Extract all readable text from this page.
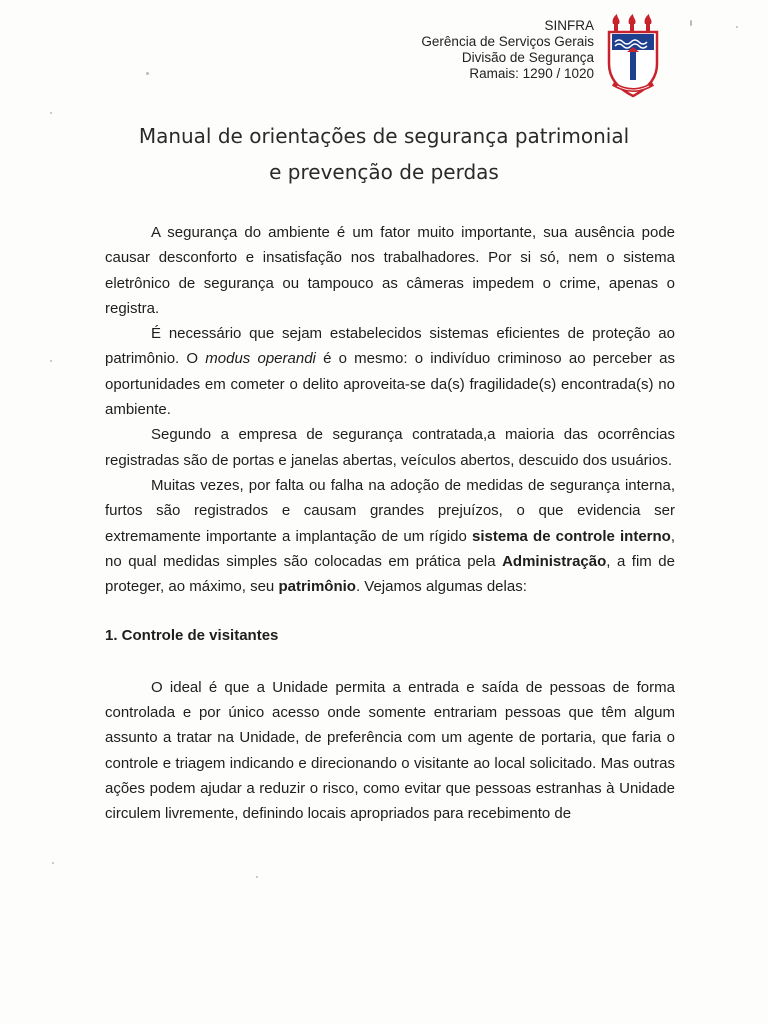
SINFRA
Gerência de Serviços Gerais
Divisão de Segurança
Ramais: 1290 / 1020
Manual de orientações de segurança patrimonial
e prevenção de perdas

A segurança do ambiente é um fator muito importante, sua ausência pode causar desconforto e insatisfação nos trabalhadores. Por si só, nem o sistema eletrônico de segurança ou tampouco as câmeras impedem o crime, apenas o registra.

É necessário que sejam estabelecidos sistemas eficientes de proteção ao patrimônio. O modus operandi é o mesmo: o indivíduo criminoso ao perceber as oportunidades em cometer o delito aproveita-se da(s) fragilidade(s) encontrada(s) no ambiente.

Segundo a empresa de segurança contratada,a maioria das ocorrências registradas são de portas e janelas abertas, veículos abertos, descuido dos usuários.

Muitas vezes, por falta ou falha na adoção de medidas de segurança interna, furtos são registrados e causam grandes prejuízos, o que evidencia ser extremamente importante a implantação de um rígido sistema de controle interno, no qual medidas simples são colocadas em prática pela Administração, a fim de proteger, ao máximo, seu patrimônio. Vejamos algumas delas:

1. Controle de visitantes

O ideal é que a Unidade permita a entrada e saída de pessoas de forma controlada e por único acesso onde somente entrariam pessoas que têm algum assunto a tratar na Unidade, de preferência com um agente de portaria, que faria o controle e triagem indicando e direcionando o visitante ao local solicitado. Mas outras ações podem ajudar a reduzir o risco, como evitar que pessoas estranhas à Unidade circulem livremente, definindo locais apropriados para recebimento de
